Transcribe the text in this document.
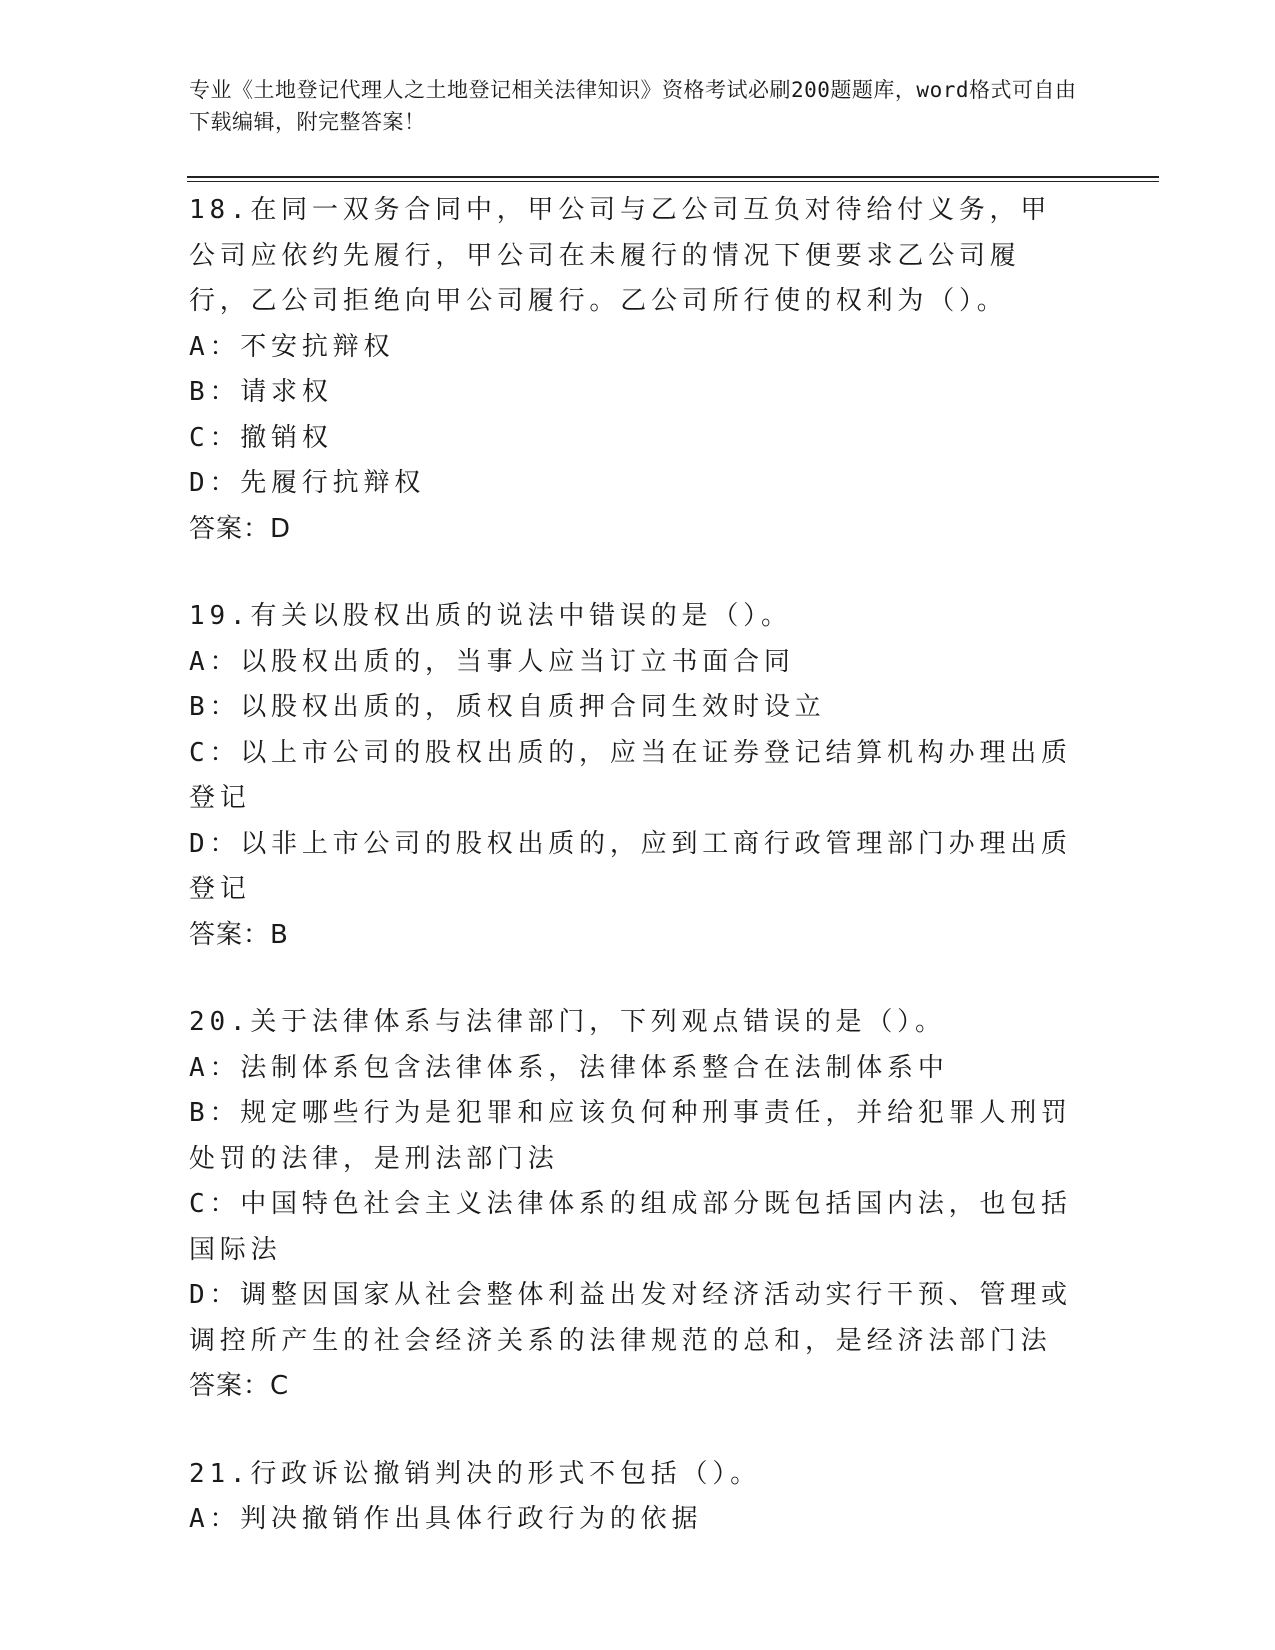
专业《土地登记代理人之土地登记相关法律知识》资格考试必刷200题题库，word格式可自由下载编辑，附完整答案！
18.在同一双务合同中，甲公司与乙公司互负对待给付义务，甲公司应依约先履行，甲公司在未履行的情况下便要求乙公司履行，乙公司拒绝向甲公司履行。乙公司所行使的权利为（）。
A：不安抗辩权
B：请求权
C：撤销权
D：先履行抗辩权
答案：D
19.有关以股权出质的说法中错误的是（）。
A：以股权出质的，当事人应当订立书面合同
B：以股权出质的，质权自质押合同生效时设立
C：以上市公司的股权出质的，应当在证券登记结算机构办理出质登记
D：以非上市公司的股权出质的，应到工商行政管理部门办理出质登记
答案：B
20.关于法律体系与法律部门，下列观点错误的是（）。
A：法制体系包含法律体系，法律体系整合在法制体系中
B：规定哪些行为是犯罪和应该负何种刑事责任，并给犯罪人刑罚处罚的法律，是刑法部门法
C：中国特色社会主义法律体系的组成部分既包括国内法，也包括国际法
D：调整因国家从社会整体利益出发对经济活动实行干预、管理或调控所产生的社会经济关系的法律规范的总和，是经济法部门法
答案：C
21.行政诉讼撤销判决的形式不包括（）。
A：判决撤销作出具体行政行为的依据
